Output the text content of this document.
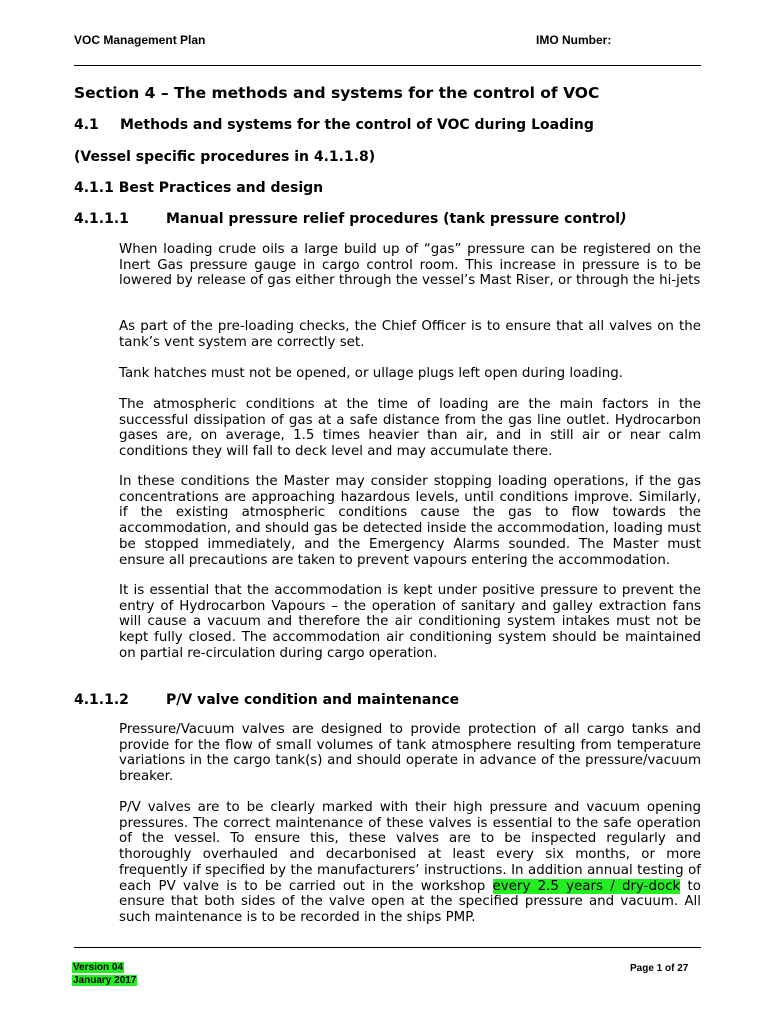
VOC Management Plan	IMO Number:
Section 4 – The methods and systems for the control of VOC
4.1 Methods and systems for the control of VOC during Loading
(Vessel specific procedures in 4.1.1.8)
4.1.1 Best Practices and design
4.1.1.1	Manual pressure relief procedures (tank pressure control)

When loading crude oils a large build up of “gas” pressure can be registered on the Inert Gas pressure gauge in cargo control room. This increase in pressure is to be lowered by release of gas either through the vessel’s Mast Riser, or through the hi-jets

As part of the pre-loading checks, the Chief Officer is to ensure that all valves on the tank’s vent system are correctly set.

Tank hatches must not be opened, or ullage plugs left open during loading.

The atmospheric conditions at the time of loading are the main factors in the successful dissipation of gas at a safe distance from the gas line outlet. Hydrocarbon gases are, on average, 1.5 times heavier than air, and in still air or near calm conditions they will fall to deck level and may accumulate there.

In these conditions the Master may consider stopping loading operations, if the gas concentrations are approaching hazardous levels, until conditions improve. Similarly, if the existing atmospheric conditions cause the gas to flow towards the accommodation, and should gas be detected inside the accommodation, loading must be stopped immediately, and the Emergency Alarms sounded. The Master must ensure all precautions are taken to prevent vapours entering the accommodation.

It is essential that the accommodation is kept under positive pressure to prevent the entry of Hydrocarbon Vapours – the operation of sanitary and galley extraction fans will cause a vacuum and therefore the air conditioning system intakes must not be kept fully closed. The accommodation air conditioning system should be maintained on partial re-circulation during cargo operation.

4.1.1.2	P/V valve condition and maintenance

Pressure/Vacuum valves are designed to provide protection of all cargo tanks and provide for the flow of small volumes of tank atmosphere resulting from temperature variations in the cargo tank(s) and should operate in advance of the pressure/vacuum breaker.

P/V valves are to be clearly marked with their high pressure and vacuum opening pressures. The correct maintenance of these valves is essential to the safe operation of the vessel. To ensure this, these valves are to be inspected regularly and thoroughly overhauled and decarbonised at least every six months, or more frequently if specified by the manufacturers’ instructions. In addition annual testing of each PV valve is to be carried out in the workshop every 2.5 years / dry-dock to ensure that both sides of the valve open at the specified pressure and vacuum. All such maintenance is to be recorded in the ships PMP.

Version 04
January 2017
Page 1 of 27
